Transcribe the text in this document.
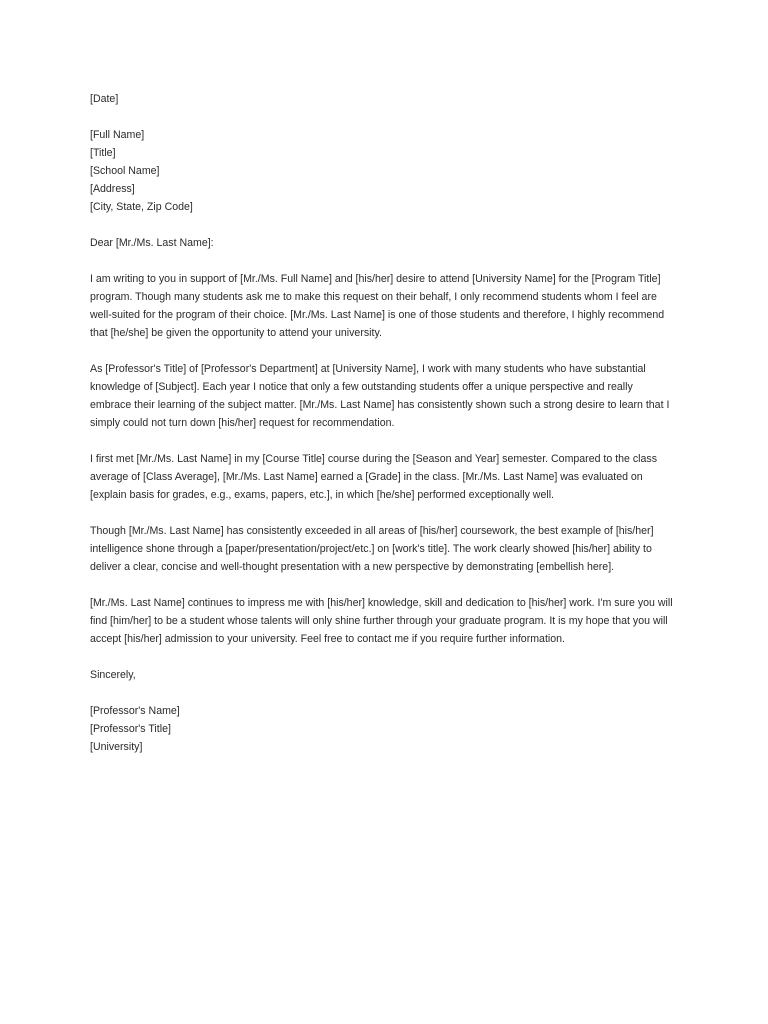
[Date]
[Full Name]
[Title]
[School Name]
[Address]
[City, State, Zip Code]
Dear [Mr./Ms. Last Name]:
I am writing to you in support of [Mr./Ms. Full Name] and [his/her] desire to attend [University Name] for the [Program Title]
program. Though many students ask me to make this request on their behalf, I only recommend students whom I feel are
well-suited for the program of their choice. [Mr./Ms. Last Name] is one of those students and therefore, I highly recommend
that [he/she] be given the opportunity to attend your university.
As [Professor's Title] of [Professor's Department] at [University Name], I work with many students who have substantial
knowledge of [Subject]. Each year I notice that only a few outstanding students offer a unique perspective and really
embrace their learning of the subject matter. [Mr./Ms. Last Name] has consistently shown such a strong desire to learn that I
simply could not turn down [his/her] request for recommendation.
I first met [Mr./Ms. Last Name] in my [Course Title] course during the [Season and Year] semester. Compared to the class
average of [Class Average], [Mr./Ms. Last Name] earned a [Grade] in the class. [Mr./Ms. Last Name] was evaluated on
[explain basis for grades, e.g., exams, papers, etc.], in which [he/she] performed exceptionally well.
Though [Mr./Ms. Last Name] has consistently exceeded in all areas of [his/her] coursework, the best example of [his/her]
intelligence shone through a [paper/presentation/project/etc.] on [work's title]. The work clearly showed [his/her] ability to
deliver a clear, concise and well-thought presentation with a new perspective by demonstrating [embellish here].
[Mr./Ms. Last Name] continues to impress me with [his/her] knowledge, skill and dedication to [his/her] work. I'm sure you will
find [him/her] to be a student whose talents will only shine further through your graduate program. It is my hope that you will
accept [his/her] admission to your university. Feel free to contact me if you require further information.
Sincerely,
[Professor's Name]
[Professor's Title]
[University]
